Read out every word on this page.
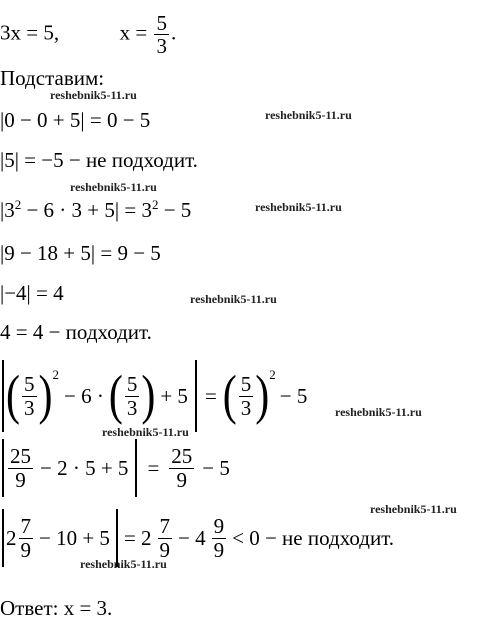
3x = 5,	$x = \frac{5}{3}$ .
Подставим:
|0 − 0 + 5| = 0 − 5
|5| = −5 − не подходит.
$|3^2 - 6 \cdot 3 + 5| = 3^2 - 5$
|9 − 18 + 5| = 9 − 5
|−4| = 4
4 = 4 − подходит.
( $\frac{5}{3} )^2$
− 6 · ( $\frac{5}{3}$ ) + 5 = ( $\frac{5}{3} )^2$
− 5
$\frac{25}{9} - 2 \cdot 5 + 5 = \frac{25}{9} - 5$
$2 \frac{7}{9} - 10 + 5 = 2 \frac{7}{9} - 4 \frac{9}{9} < 0$ − не подходит.
Ответ: x = 3.
reshebnik5-11.ru
reshebnik5-11.ru
reshebnik5-11.ru
reshebnik5-11.ru
reshebnik5-11.ru
reshebnik5-11.ru
reshebnik5-11.ru
reshebnik5-11.ru
reshebnik5-11.ru
